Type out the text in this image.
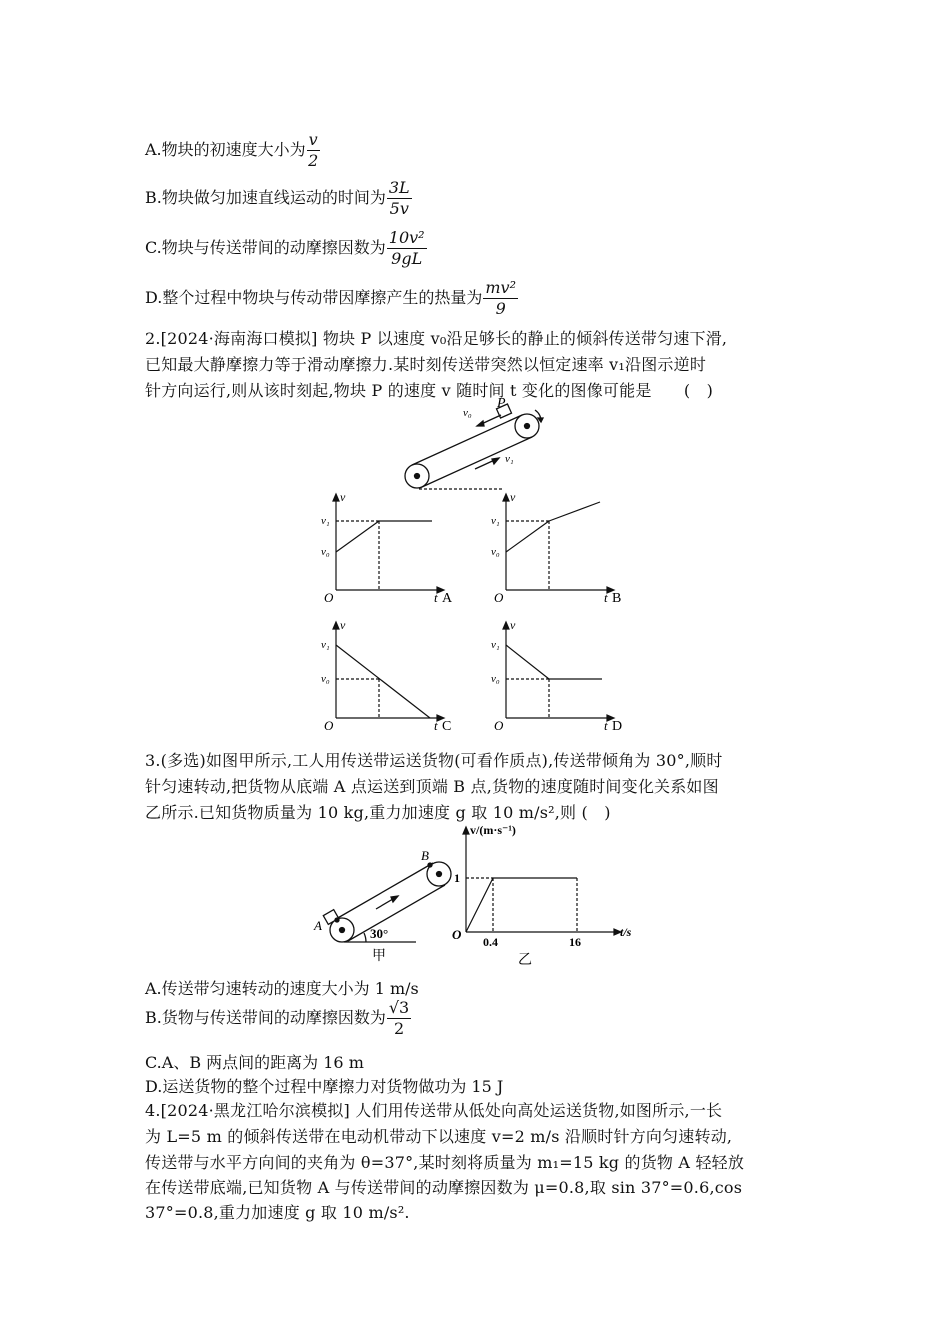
A.物块的初速度大小为 $\frac{v}{2}$
B.物块做匀加速直线运动的时间为 $\frac{3L}{5v}$
C.物块与传送带间的动摩擦因数为 $\frac{\text{10v²}}{9gL}$
D.整个过程中物块与传动带因摩擦产生的热量为 $\frac{\text{mv²}}{9}$
2.[2024·海南海口模拟] 物块 P 以速度 v₀沿足够长的静止的倾斜传送带匀速下滑,
已知最大静摩擦力等于滑动摩擦力.某时刻传送带突然以恒定速率 v₁沿图示逆时
针方向运行,则从该时刻起,物块 P 的速度 v 随时间 t 变化的图像可能是　　(　)
P
v₀
v₁
v
v₁
v₀
O	t A
v
v₁
v₀
O	t B
v
v₁
v₀
O	t C
v
v₁
v₀
O	t D
3.(多选)如图甲所示,工人用传送带运送货物(可看作质点),传送带倾角为 30°,顺时
针匀速转动,把货物从底端 A 点运送到顶端 B 点,货物的速度随时间变化关系如图
乙所示.已知货物质量为 10 kg,重力加速度 g 取 10 m/s²,则 (　)
A
B
30°
甲
v/(m·s⁻¹)
t/s
O
1
0.4	16
乙
A.传送带匀速转动的速度大小为 1 m/s
B.货物与传送带间的动摩擦因数为 $\frac{√3}{2}$
C.A、B 两点间的距离为 16 m
D.运送货物的整个过程中摩擦力对货物做功为 15 J
4.[2024·黑龙江哈尔滨模拟] 人们用传送带从低处向高处运送货物,如图所示,一长
为 L=5 m 的倾斜传送带在电动机带动下以速度 v=2 m/s 沿顺时针方向匀速转动,
传送带与水平方向间的夹角为 θ=37°,某时刻将质量为 m₁=15 kg 的货物 A 轻轻放
在传送带底端,已知货物 A 与传送带间的动摩擦因数为 μ=0.8,取 sin 37°=0.6,cos
37°=0.8,重力加速度 g 取 10 m/s².
